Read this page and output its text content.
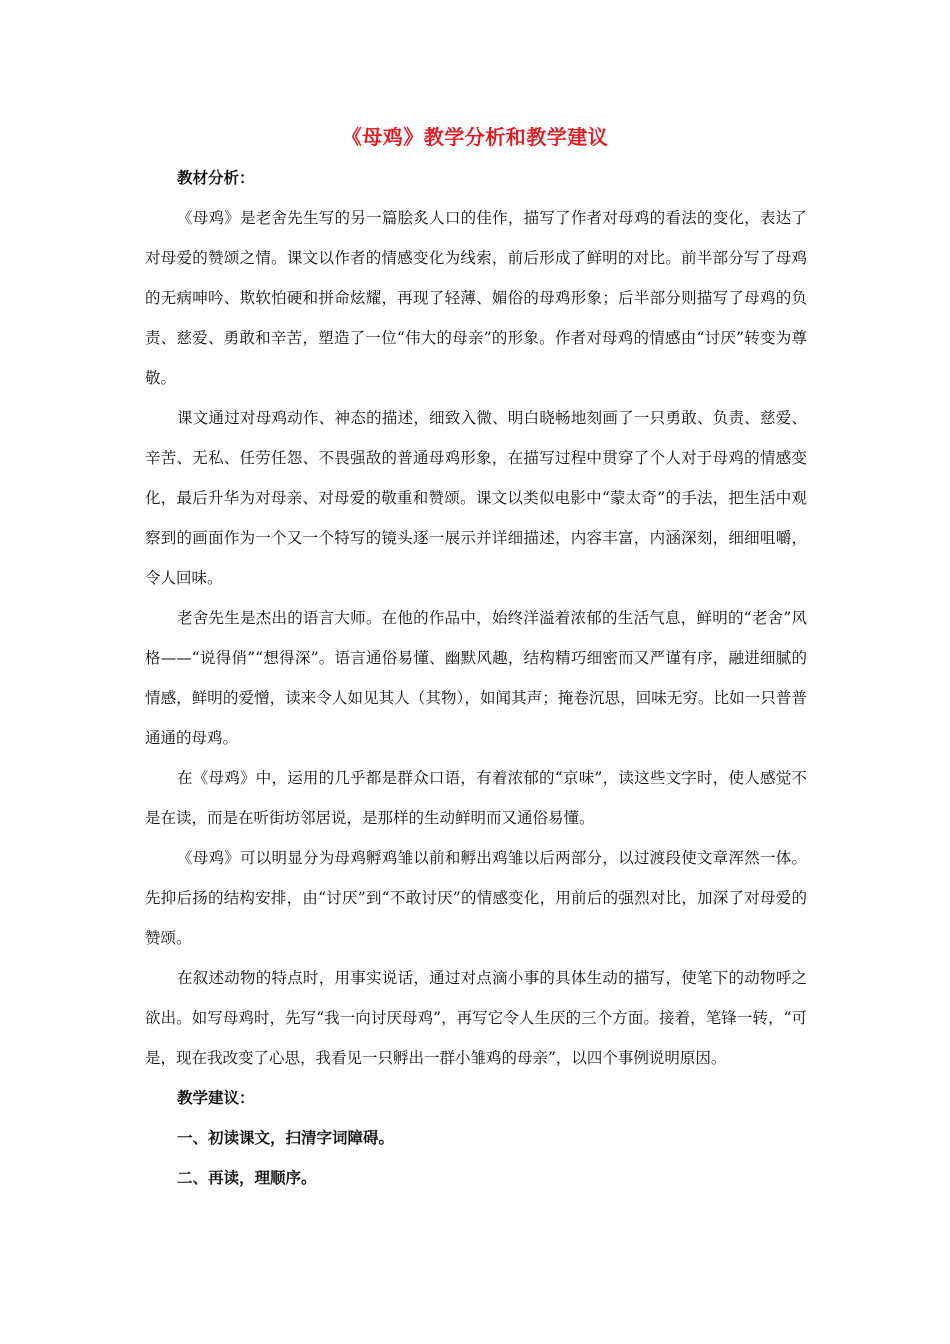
《母鸡》教学分析和教学建议

教材分析：

《母鸡》是老舍先生写的另一篇脍炙人口的佳作，描写了作者对母鸡的看法的变化，表达了对母爱的赞颂之情。课文以作者的情感变化为线索，前后形成了鲜明的对比。前半部分写了母鸡的无病呻吟、欺软怕硬和拼命炫耀，再现了轻薄、媚俗的母鸡形象；后半部分则描写了母鸡的负责、慈爱、勇敢和辛苦，塑造了一位“伟大的母亲”的形象。作者对母鸡的情感由“讨厌”转变为尊敬。

课文通过对母鸡动作、神态的描述，细致入微、明白晓畅地刻画了一只勇敢、负责、慈爱、辛苦、无私、任劳任怨、不畏强敌的普通母鸡形象，在描写过程中贯穿了个人对于母鸡的情感变化，最后升华为对母亲、对母爱的敬重和赞颂。课文以类似电影中“蒙太奇”的手法，把生活中观察到的画面作为一个又一个特写的镜头逐一展示并详细描述，内容丰富，内涵深刻，细细咀嚼，令人回味。

老舍先生是杰出的语言大师。在他的作品中，始终洋溢着浓郁的生活气息，鲜明的“老舍”风格——“说得俏”“想得深”。语言通俗易懂、幽默风趣，结构精巧细密而又严谨有序，融进细腻的情感，鲜明的爱憎，读来令人如见其人（其物），如闻其声；掩卷沉思，回味无穷。比如一只普普通通的母鸡。

在《母鸡》中，运用的几乎都是群众口语，有着浓郁的“京味”，读这些文字时，使人感觉不是在读，而是在听街坊邻居说，是那样的生动鲜明而又通俗易懂。

《母鸡》可以明显分为母鸡孵鸡雏以前和孵出鸡雏以后两部分，以过渡段使文章浑然一体。先抑后扬的结构安排，由“讨厌”到“不敢讨厌”的情感变化，用前后的强烈对比，加深了对母爱的赞颂。

在叙述动物的特点时，用事实说话，通过对点滴小事的具体生动的描写，使笔下的动物呼之欲出。如写母鸡时，先写“我一向讨厌母鸡”，再写它令人生厌的三个方面。接着，笔锋一转，“可是，现在我改变了心思，我看见一只孵出一群小雏鸡的母亲”，以四个事例说明原因。

教学建议：

一、初读课文，扫清字词障碍。

二、再读，理顺序。
